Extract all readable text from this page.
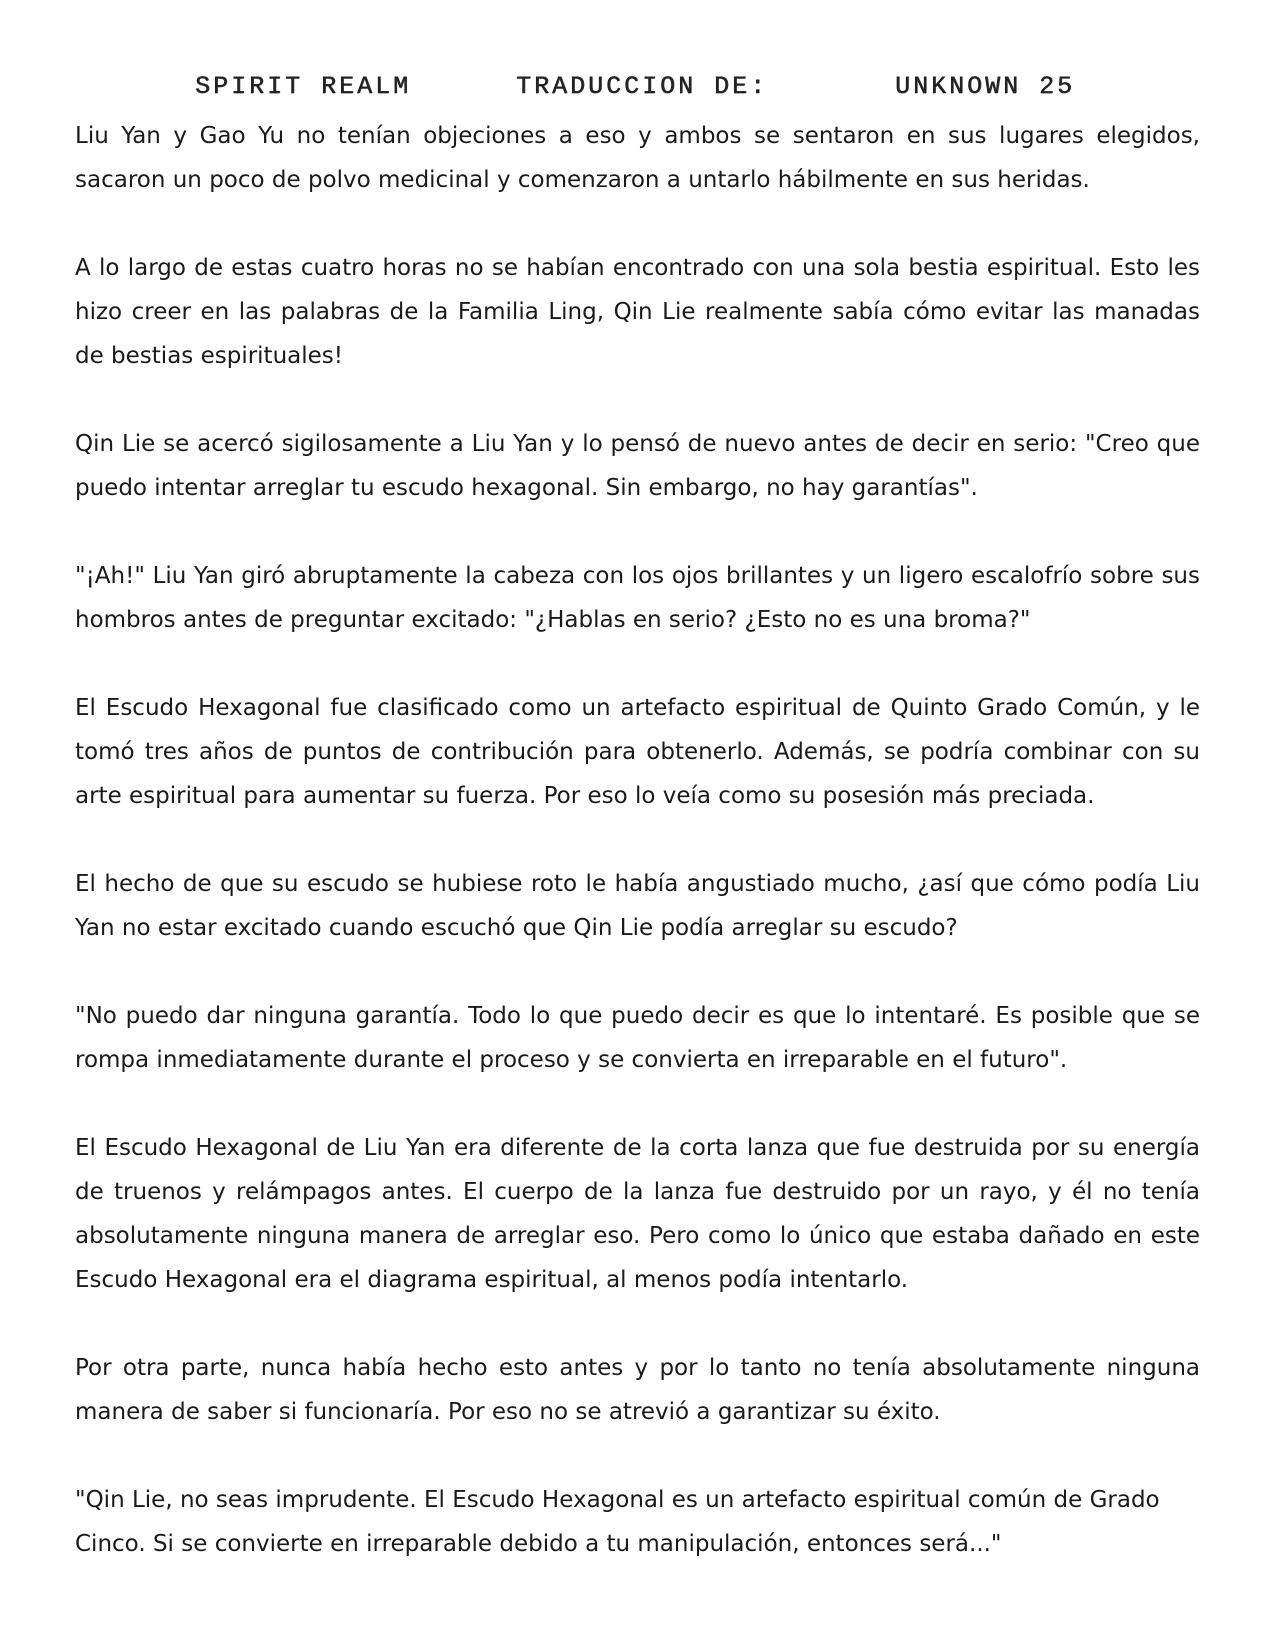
SPIRIT REALM	TRADUCCION DE:	UNKNOWN 25

Liu Yan y Gao Yu no tenían objeciones a eso y ambos se sentaron en sus lugares elegidos, sacaron un poco de polvo medicinal y comenzaron a untarlo hábilmente en sus heridas.

A lo largo de estas cuatro horas no se habían encontrado con una sola bestia espiritual. Esto les hizo creer en las palabras de la Familia Ling, Qin Lie realmente sabía cómo evitar las manadas de bestias espirituales!

Qin Lie se acercó sigilosamente a Liu Yan y lo pensó de nuevo antes de decir en serio: "Creo que puedo intentar arreglar tu escudo hexagonal. Sin embargo, no hay garantías".

"¡Ah!" Liu Yan giró abruptamente la cabeza con los ojos brillantes y un ligero escalofrío sobre sus hombros antes de preguntar excitado: "¿Hablas en serio? ¿Esto no es una broma?"

El Escudo Hexagonal fue clasificado como un artefacto espiritual de Quinto Grado Común, y le tomó tres años de puntos de contribución para obtenerlo. Además, se podría combinar con su arte espiritual para aumentar su fuerza. Por eso lo veía como su posesión más preciada.

El hecho de que su escudo se hubiese roto le había angustiado mucho, ¿así que cómo podía Liu Yan no estar excitado cuando escuchó que Qin Lie podía arreglar su escudo?

"No puedo dar ninguna garantía. Todo lo que puedo decir es que lo intentaré. Es posible que se rompa inmediatamente durante el proceso y se convierta en irreparable en el futuro".

El Escudo Hexagonal de Liu Yan era diferente de la corta lanza que fue destruida por su energía de truenos y relámpagos antes. El cuerpo de la lanza fue destruido por un rayo, y él no tenía absolutamente ninguna manera de arreglar eso. Pero como lo único que estaba dañado en este Escudo Hexagonal era el diagrama espiritual, al menos podía intentarlo.

Por otra parte, nunca había hecho esto antes y por lo tanto no tenía absolutamente ninguna manera de saber si funcionaría. Por eso no se atrevió a garantizar su éxito.

"Qin Lie, no seas imprudente. El Escudo Hexagonal es un artefacto espiritual común de Grado Cinco. Si se convierte en irreparable debido a tu manipulación, entonces será..."
